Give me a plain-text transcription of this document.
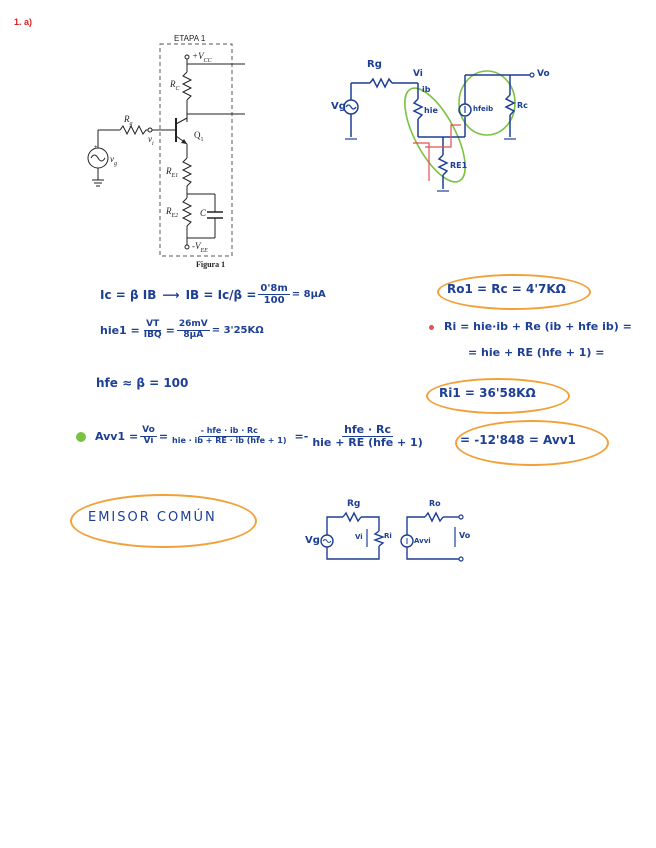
1. a)
+
ETAPA 1
$+V_{CC}$
$R_C$
$R_g$
$v_i$
$Q_1$
$v_g$
$R_{E1}$
$R_{E2}$ C
$-V_{EE}$
Figura 1
Rg
Vi
ib
Vo
Vg	hie	hfeib	Rc
RE1
Ic = β IB ⟶ IB = $Ic/\beta = \frac{0'8m}{100} = 8\mu A$	Ro1 = Rc = 4'7KΩ
$hie1 = \frac{VT}{\text{IBQ}} = \frac{26mV}{8\mu A} = 3'25K\Omega$	Ri = hie·ib + Re (ib + hfe ib) =
= hie + RE (hfe + 1) =
hfe ≈ β = 100
Ri1 = 36'58KΩ
$Avv1 = \frac{Vo}{Vi} = \frac{\text{- hfe · ib · Rc}}{\text{hie · ib + RE · ib (hfe + 1)}}$ = - $\frac{\text{hfe · Rc}}{\text{hie + RE (hfe + 1)}}$	= -12'848 = Avv1
EMISOR COMÚN
Rg
Vg	Vi	Ri
Ro
Avvi
Vo
